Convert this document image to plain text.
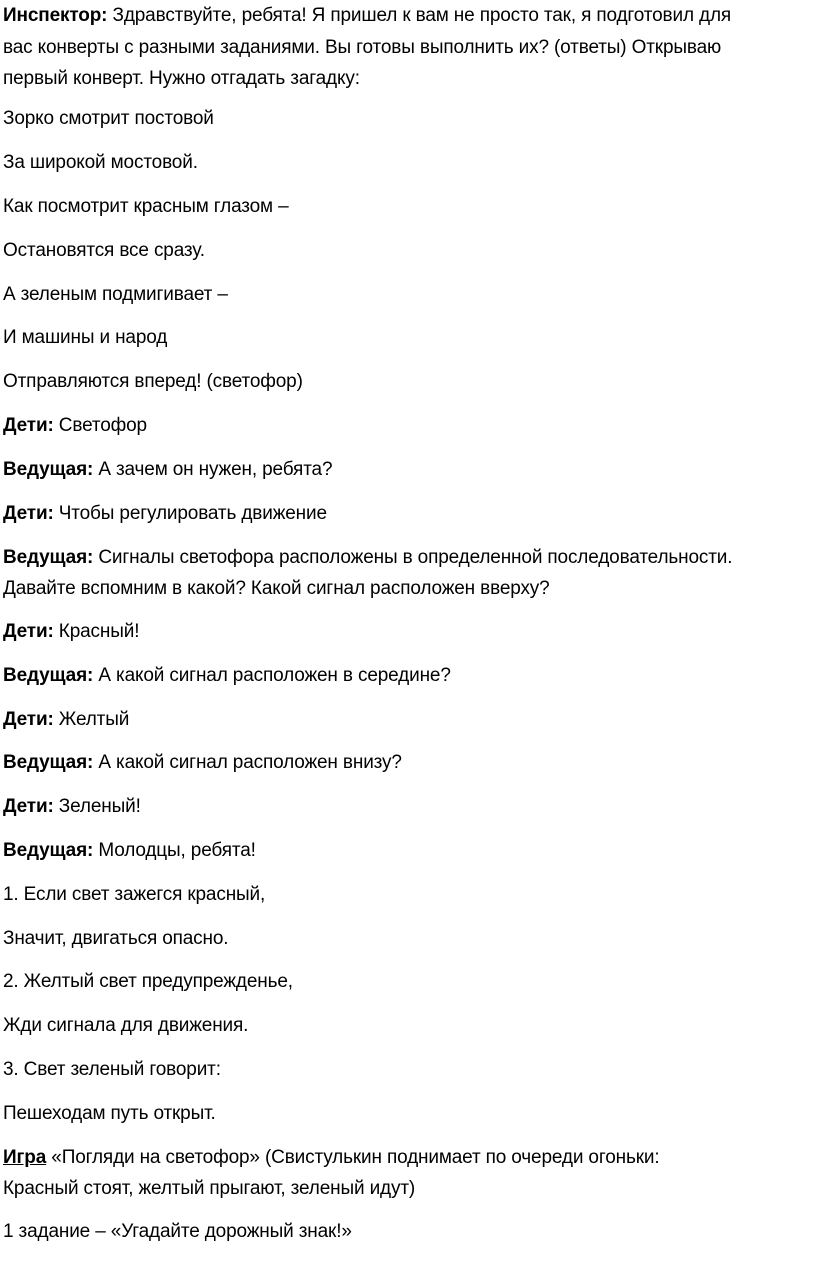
Инспектор: Здравствуйте, ребята! Я пришел к вам не просто так, я подготовил для

вас конверты с разными заданиями. Вы готовы выполнить их? (ответы) Открываю

первый конверт. Нужно отгадать загадку:

Зорко смотрит постовой

За широкой мостовой.

Как посмотрит красным глазом –

Остановятся все сразу.

А зеленым подмигивает –

И машины и народ

Отправляются вперед! (светофор)

Дети: Светофор

Ведущая: А зачем он нужен, ребята?

Дети: Чтобы регулировать движение

Ведущая: Сигналы светофора расположены в определенной последовательности.

Давайте вспомним в какой? Какой сигнал расположен вверху?

Дети: Красный!

Ведущая: А какой сигнал расположен в середине?

Дети: Желтый

Ведущая: А какой сигнал расположен внизу?

Дети: Зеленый!

Ведущая: Молодцы, ребята!

1. Если свет зажегся красный,

Значит, двигаться опасно.

2. Желтый свет предупрежденье,

Жди сигнала для движения.

3. Свет зеленый говорит:

Пешеходам путь открыт.

Игра «Погляди на светофор» (Свистулькин поднимает по очереди огоньки:

Красный стоят, желтый прыгают, зеленый идут)

1 задание – «Угадайте дорожный знак!»
